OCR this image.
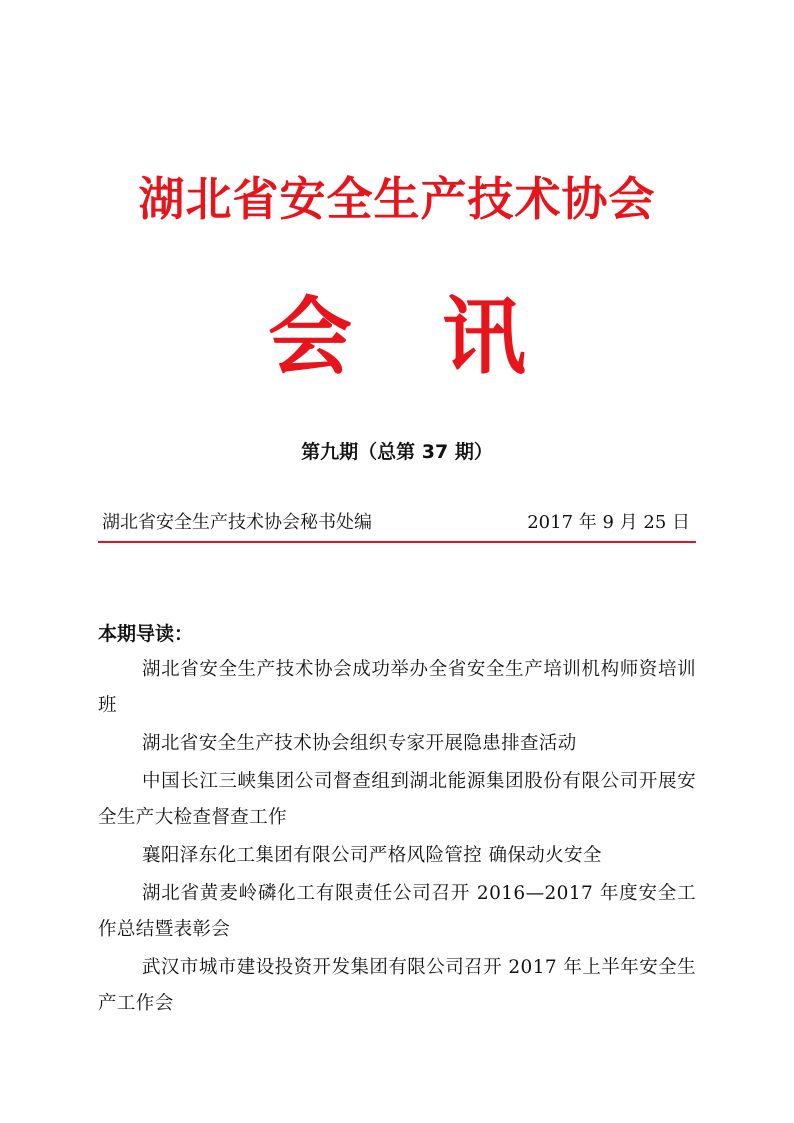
湖北省安全生产技术协会
会 讯
第九期（总第 37 期）
湖北省安全生产技术协会秘书处编	2017 年 9 月 25 日
本期导读：
湖北省安全生产技术协会成功举办全省安全生产培训机构师资培训班
湖北省安全生产技术协会组织专家开展隐患排查活动
中国长江三峡集团公司督查组到湖北能源集团股份有限公司开展安全生产大检查督查工作
襄阳泽东化工集团有限公司严格风险管控 确保动火安全
湖北省黄麦岭磷化工有限责任公司召开 2016—2017 年度安全工作总结暨表彰会
武汉市城市建设投资开发集团有限公司召开 2017 年上半年安全生产工作会
